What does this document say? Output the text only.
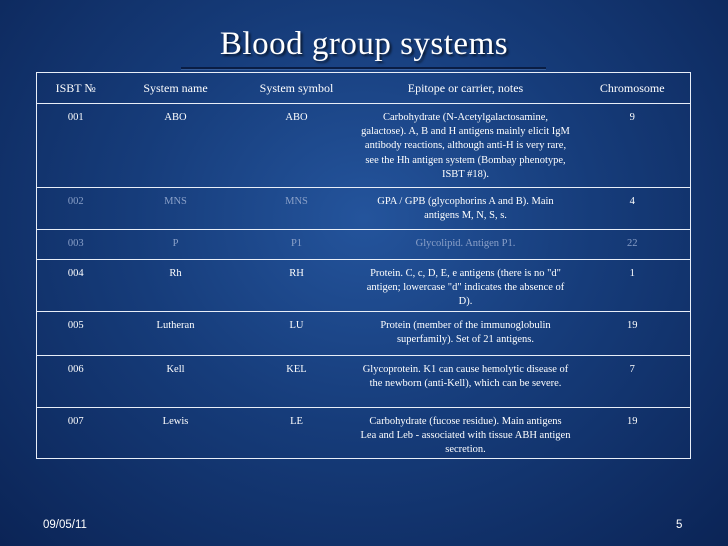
Blood group systems
ISBT №	System name	System symbol	Epitope or carrier, notes	Chromosome
001	ABO	ABO	Carbohydrate (N-Acetylgalactosamine, galactose). A, B and H antigens mainly elicit IgM antibody reactions, although anti-H is very rare, see the Hh antigen system (Bombay phenotype, ISBT #18).	9
002	MNS	MNS	GPA / GPB (glycophorins A and B). Main antigens M, N, S, s.	4
003	P	P1	Glycolipid. Antigen P1.	22
004	Rh	RH	Protein. C, c, D, E, e antigens (there is no "d" antigen; lowercase "d" indicates the absence of D).	1
005	Lutheran	LU	Protein (member of the immunoglobulin superfamily). Set of 21 antigens.	19
006	Kell	KEL	Glycoprotein. K1 can cause hemolytic disease of the newborn (anti-Kell), which can be severe.	7
007	Lewis	LE	Carbohydrate (fucose residue). Main antigens Lea and Leb - associated with tissue ABH antigen secretion.	19
09/05/11	5
